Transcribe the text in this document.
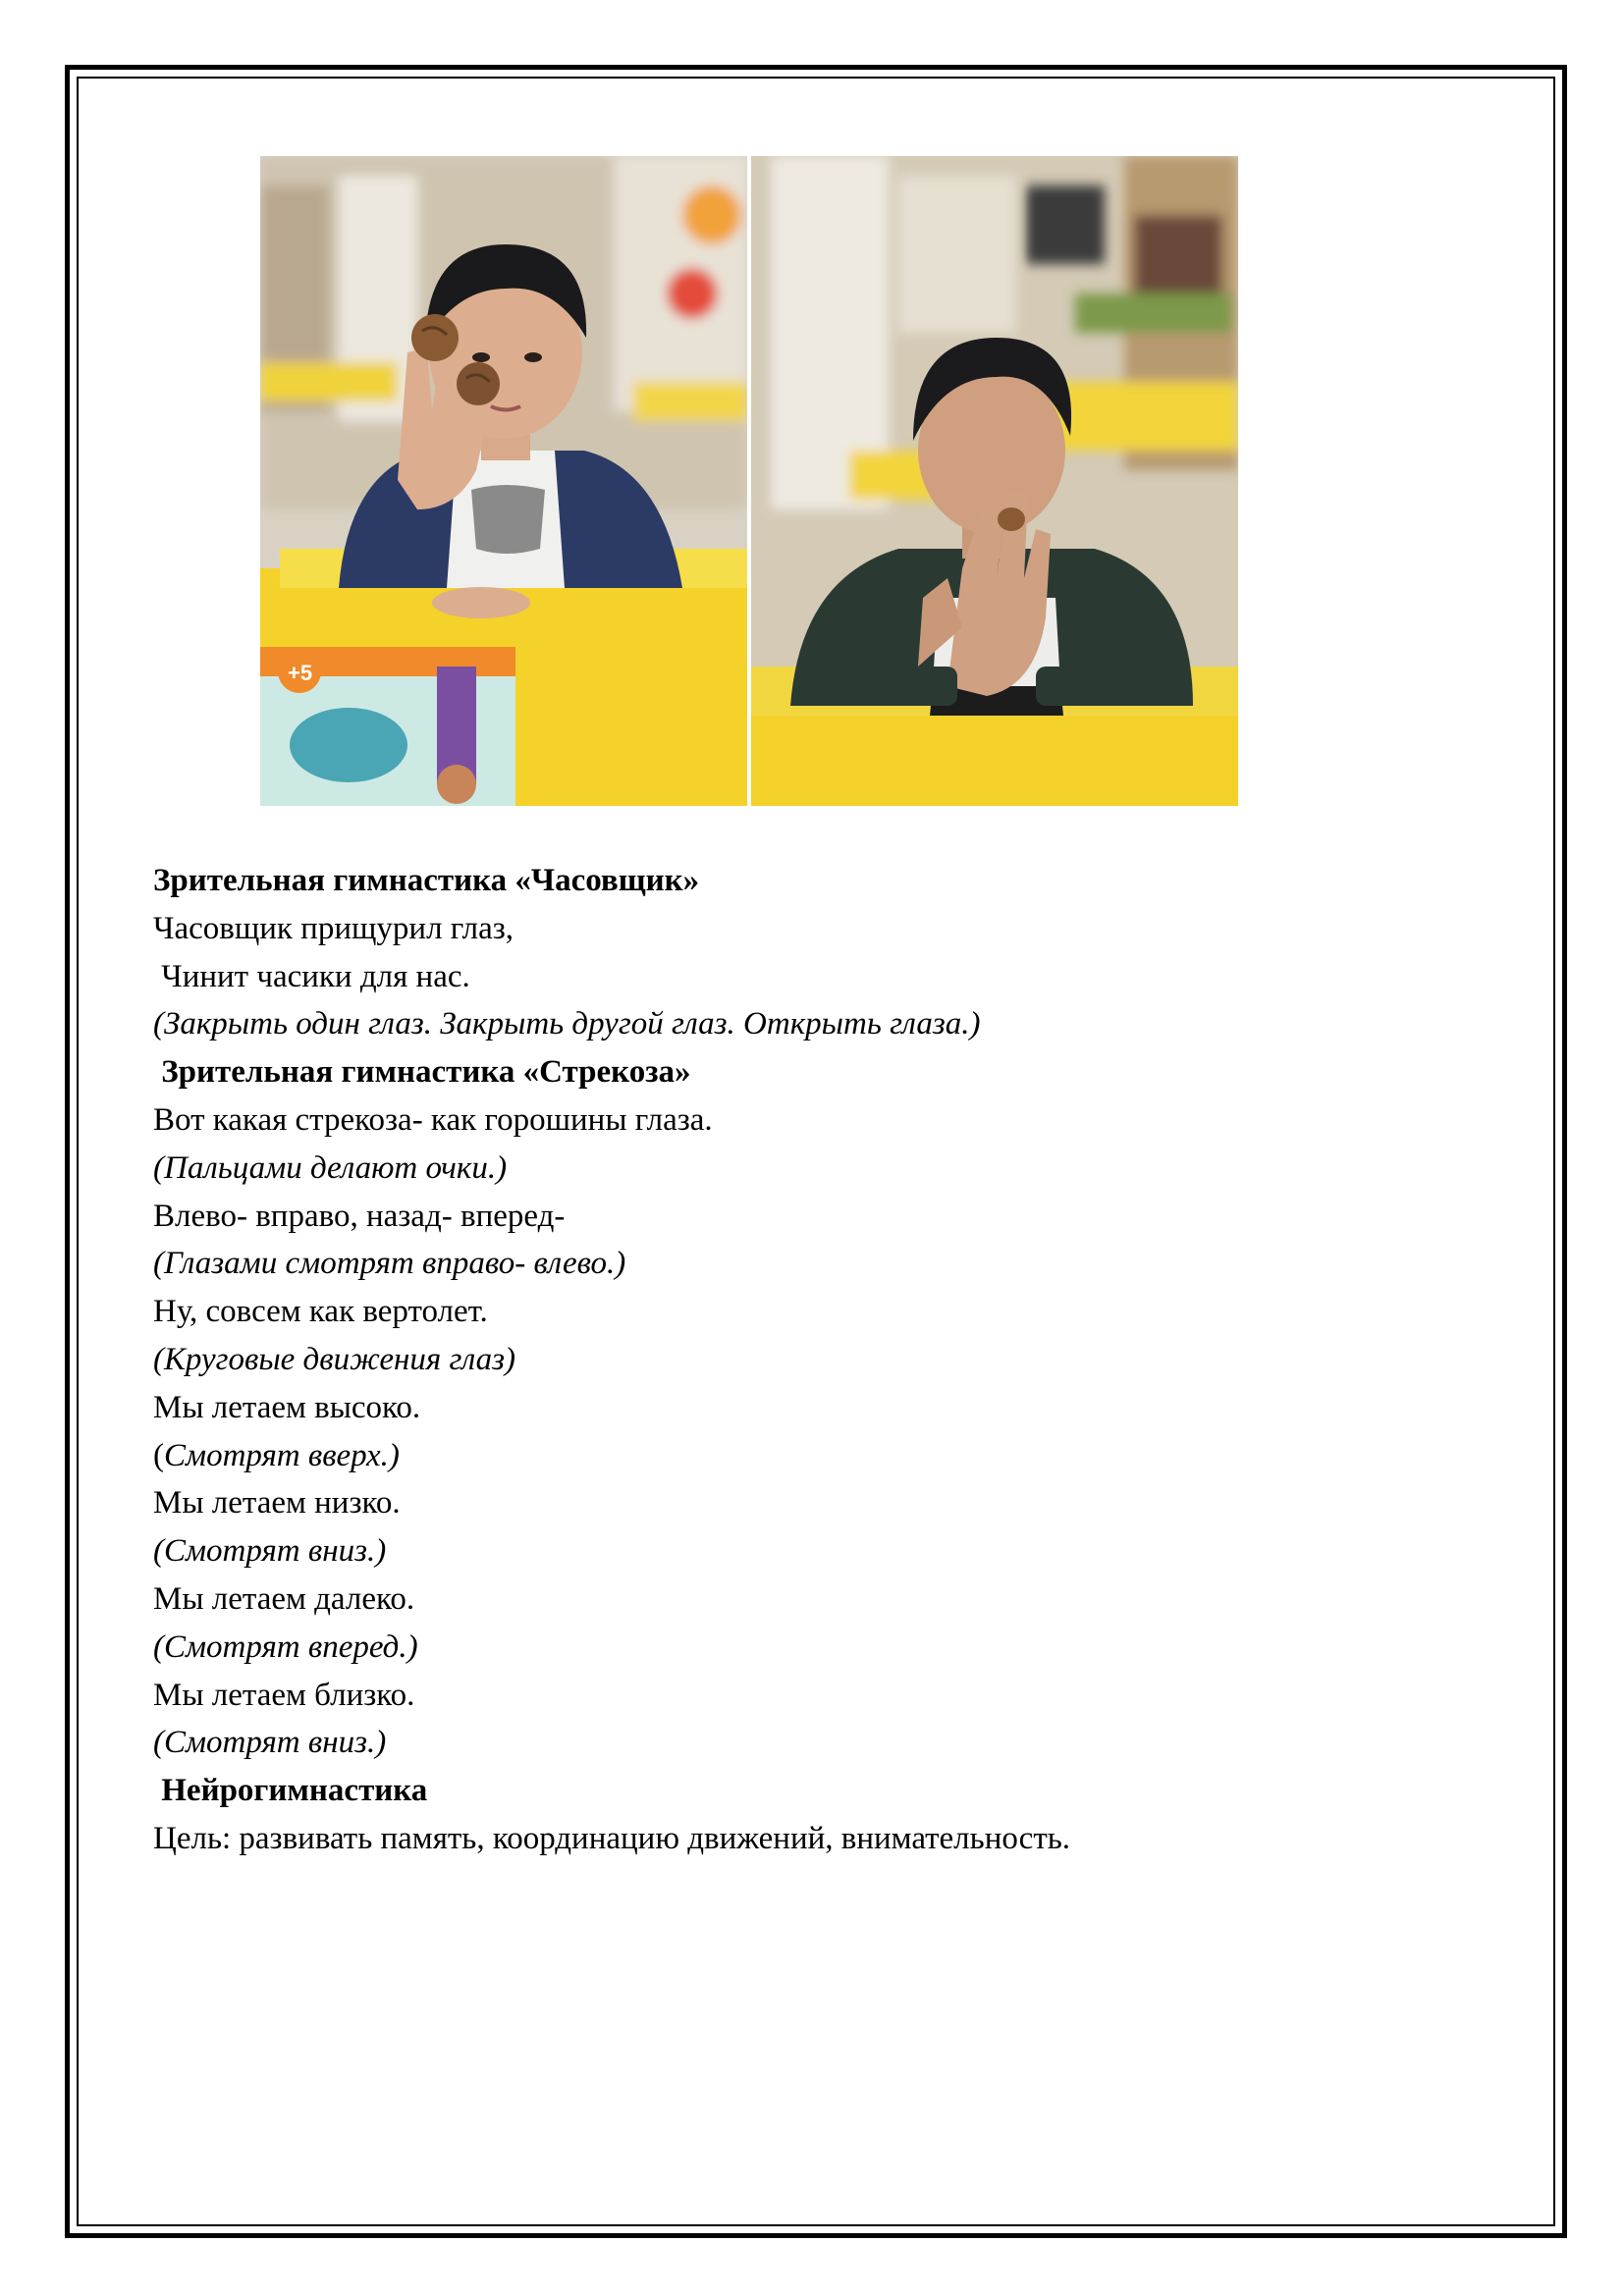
+5

Зрительная гимнастика «Часовщик»

Часовщик прищурил глаз,

Чинит часики для нас.

(Закрыть один глаз. Закрыть другой глаз. Открыть глаза.)

Зрительная гимнастика «Стрекоза»

Вот какая стрекоза- как горошины глаза.

(Пальцами делают очки.)

Влево- вправо, назад- вперед-

(Глазами смотрят вправо- влево.)

Ну, совсем как вертолет.

(Круговые движения глаз)

Мы летаем высоко.

(Смотрят вверх.)

Мы летаем низко.

(Смотрят вниз.)

Мы летаем далеко.

(Смотрят вперед.)

Мы летаем близко.

(Смотрят вниз.)

Нейрогимнастика

Цель: развивать память, координацию движений, внимательность.
